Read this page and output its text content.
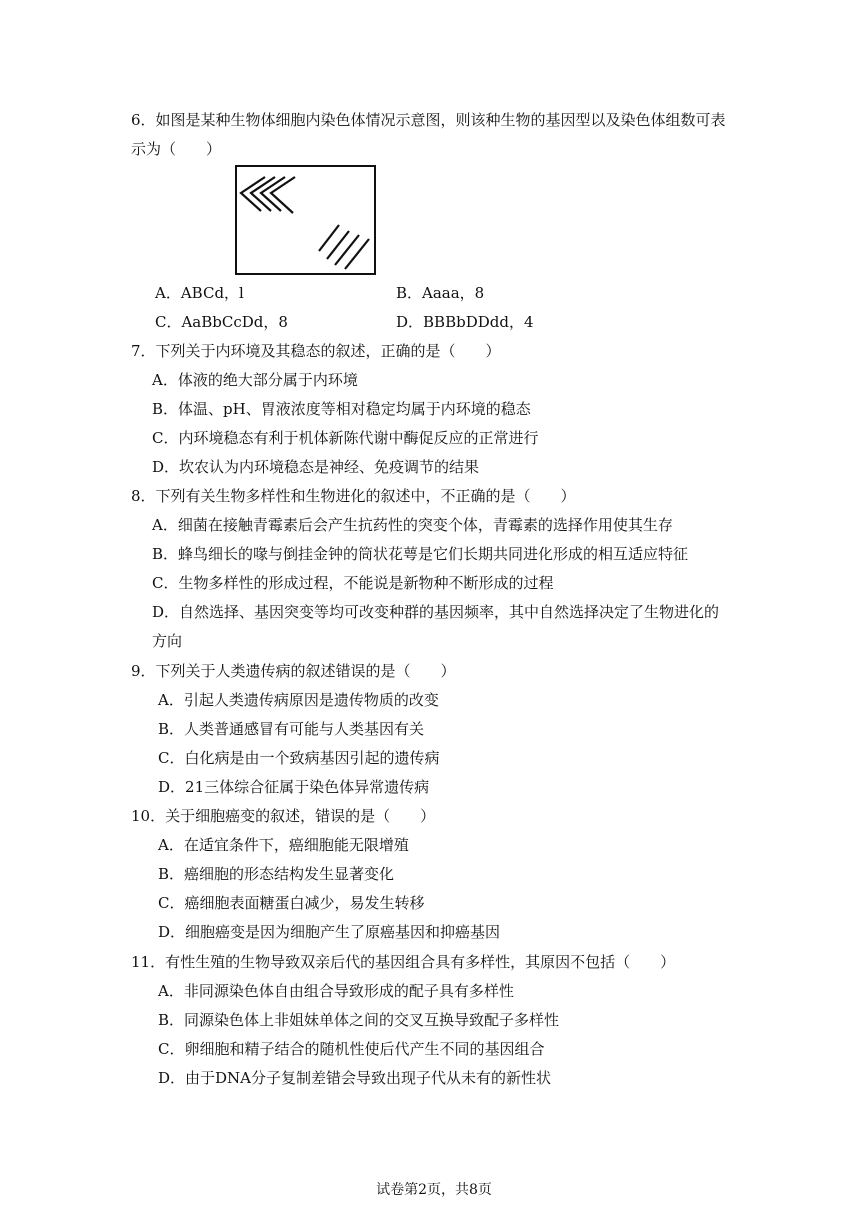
6．如图是某种生物体细胞内染色体情况示意图，则该种生物的基因型以及染色体组数可表
示为（　　）
A．ABCd，l	B．Aaaa，8
C．AaBbCcDd，8	D．BBBbDDdd，4
7．下列关于内环境及其稳态的叙述，正确的是（　　）
A．体液的绝大部分属于内环境
B．体温、pH、胃液浓度等相对稳定均属于内环境的稳态
C．内环境稳态有利于机体新陈代谢中酶促反应的正常进行
D．坎农认为内环境稳态是神经、免疫调节的结果
8．下列有关生物多样性和生物进化的叙述中，不正确的是（　　）
A．细菌在接触青霉素后会产生抗药性的突变个体，青霉素的选择作用使其生存
B．蜂鸟细长的喙与倒挂金钟的筒状花萼是它们长期共同进化形成的相互适应特征
C．生物多样性的形成过程，不能说是新物种不断形成的过程
D．自然选择、基因突变等均可改变种群的基因频率，其中自然选择决定了生物进化的
方向
9．下列关于人类遗传病的叙述错误的是（　　）
A．引起人类遗传病原因是遗传物质的改变
B．人类普通感冒有可能与人类基因有关
C．白化病是由一个致病基因引起的遗传病
D．21三体综合征属于染色体异常遗传病
10．关于细胞癌变的叙述，错误的是（　　）
A．在适宜条件下，癌细胞能无限增殖
B．癌细胞的形态结构发生显著变化
C．癌细胞表面糖蛋白减少，易发生转移
D．细胞癌变是因为细胞产生了原癌基因和抑癌基因
11．有性生殖的生物导致双亲后代的基因组合具有多样性，其原因不包括（　　）
A．非同源染色体自由组合导致形成的配子具有多样性
B．同源染色体上非姐妹单体之间的交叉互换导致配子多样性
C．卵细胞和精子结合的随机性使后代产生不同的基因组合
D．由于DNA分子复制差错会导致出现子代从未有的新性状
试卷第2页，共8页
